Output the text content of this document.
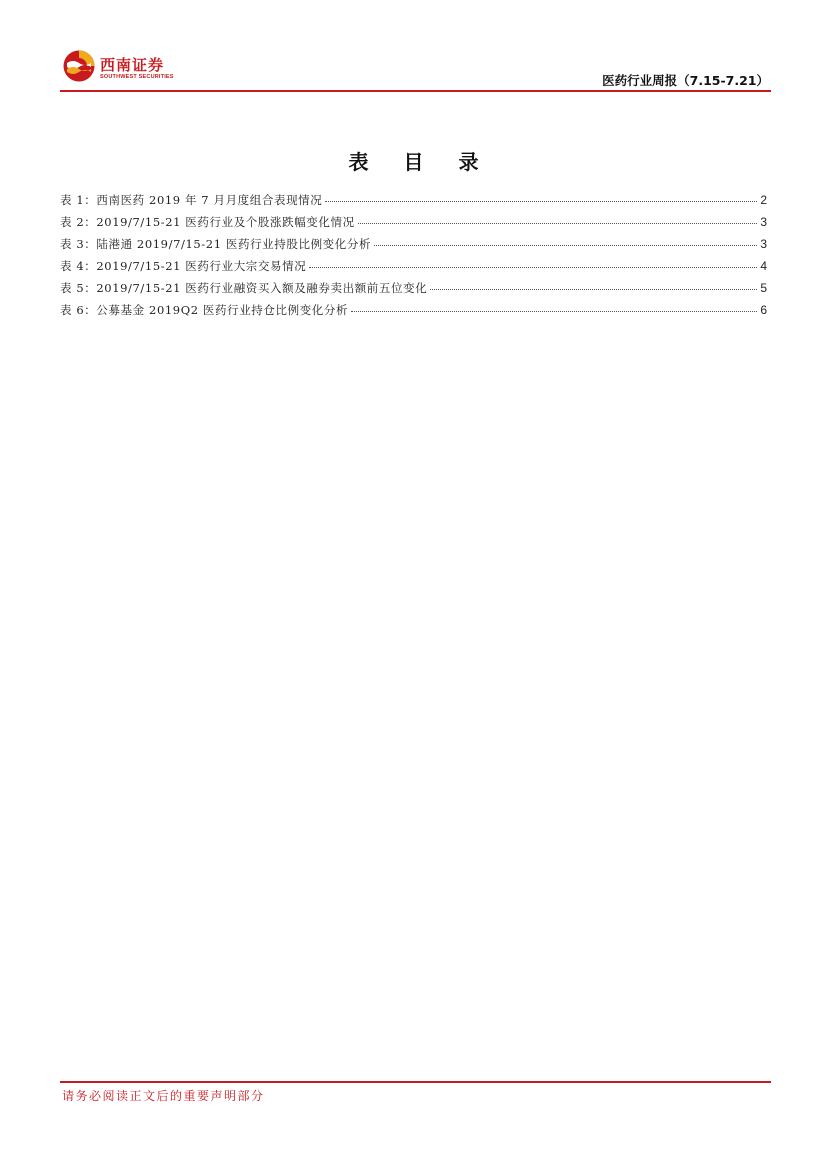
西南证券
SOUTHWEST SECURITIES	医药行业周报（7.15-7.21）
表 目 录
表 1：西南医药 2019 年 7 月月度组合表现情况	2
表 2：2019/7/15-21 医药行业及个股涨跌幅变化情况	3
表 3：陆港通 2019/7/15-21 医药行业持股比例变化分析	3
表 4：2019/7/15-21 医药行业大宗交易情况	4
表 5：2019/7/15-21 医药行业融资买入额及融券卖出额前五位变化	5
表 6：公募基金 2019Q2 医药行业持仓比例变化分析	6
请务必阅读正文后的重要声明部分
